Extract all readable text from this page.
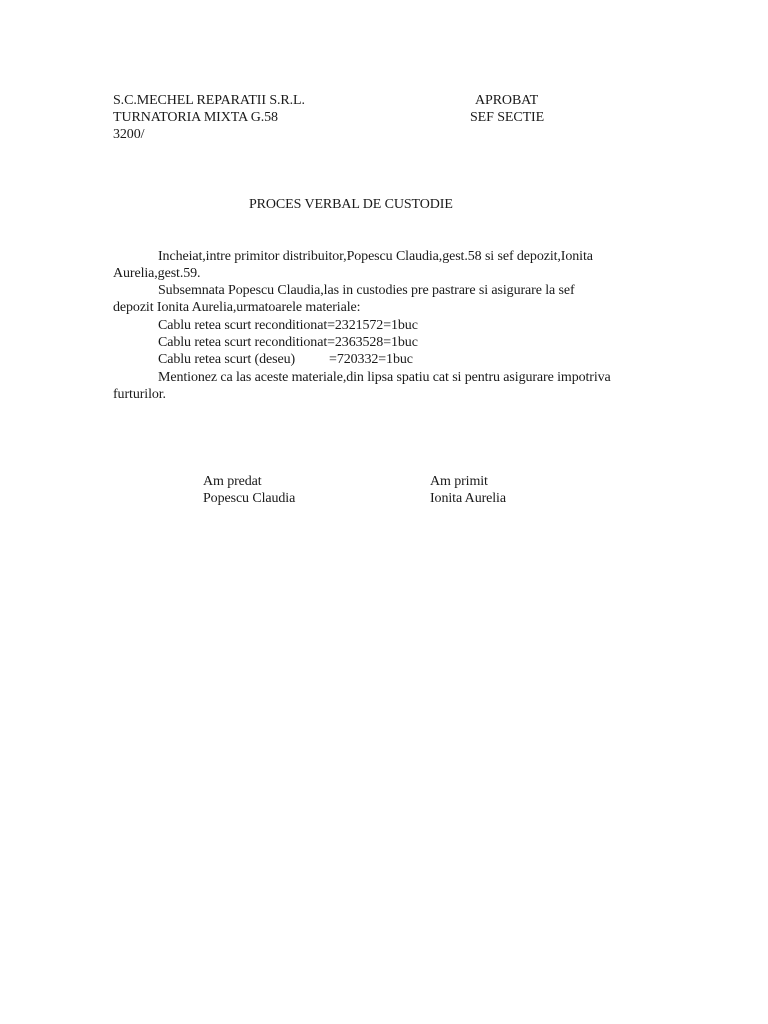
S.C.MECHEL REPARATII S.R.L.
TURNATORIA MIXTA G.58
3200/
APROBAT
SEF SECTIE
PROCES VERBAL DE CUSTODIE
Incheiat,intre primitor distribuitor,Popescu Claudia,gest.58 si sef depozit,Ionita
Aurelia,gest.59.
Subsemnata Popescu Claudia,las in custodies pre pastrare si asigurare la sef
depozit Ionita Aurelia,urmatoarele materiale:
Cablu retea scurt reconditionat=2321572=1buc
Cablu retea scurt reconditionat=2363528=1buc
Cablu retea scurt (deseu)          =720332=1buc
Mentionez ca las aceste materiale,din lipsa spatiu cat si pentru asigurare impotriva
furturilor.
Am predat
Popescu Claudia
Am primit
Ionita Aurelia
